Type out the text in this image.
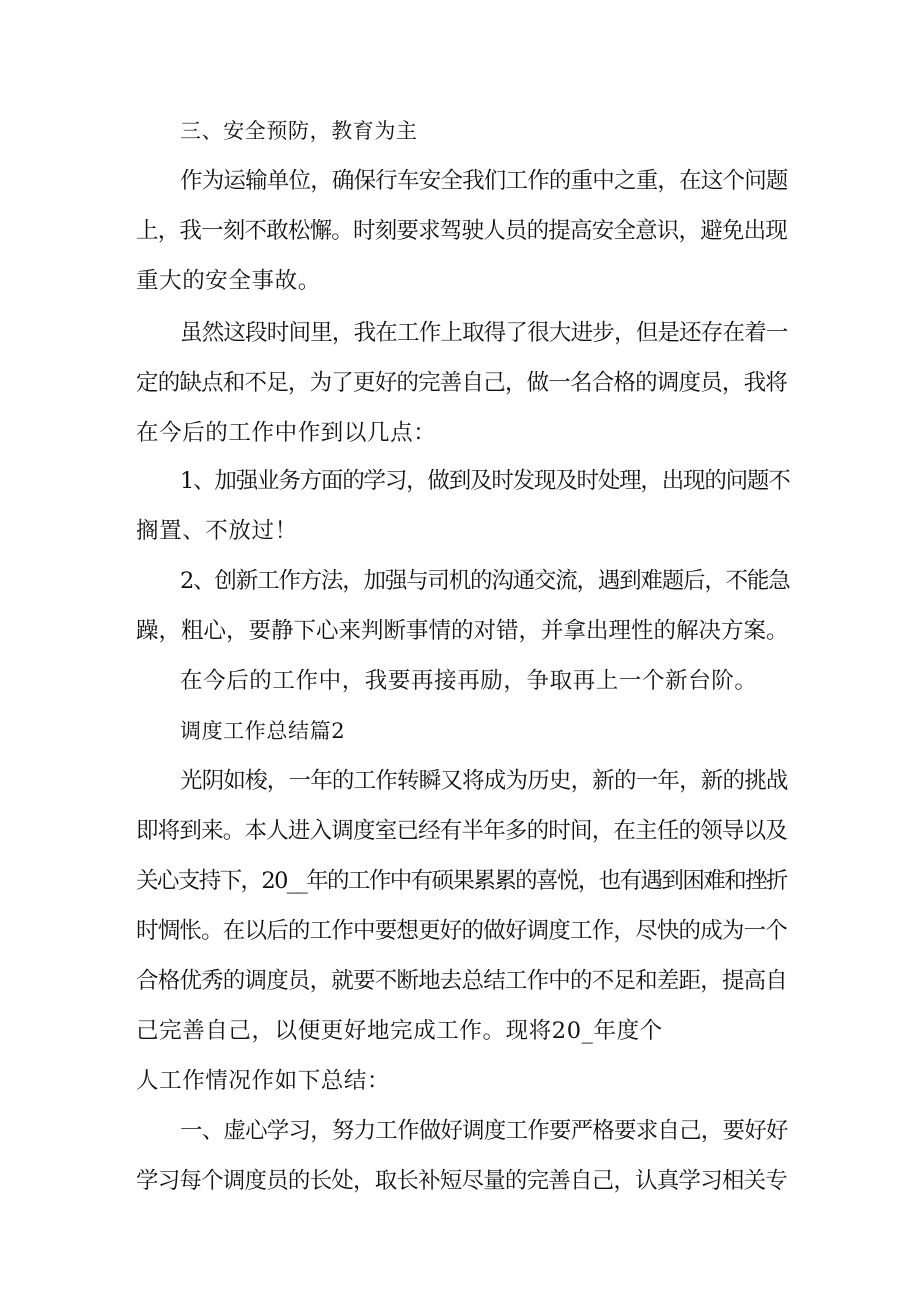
三、安全预防，教育为主
作为运输单位，确保行车安全我们工作的重中之重，在这个问题
上，我一刻不敢松懈。时刻要求驾驶人员的提高安全意识，避免出现
重大的安全事故。
虽然这段时间里，我在工作上取得了很大进步，但是还存在着一
定的缺点和不足，为了更好的完善自己，做一名合格的调度员，我将
在今后的工作中作到以几点：
1、加强业务方面的学习，做到及时发现及时处理，出现的问题不
搁置、不放过！
2、创新工作方法，加强与司机的沟通交流，遇到难题后，不能急
躁，粗心，要静下心来判断事情的对错，并拿出理性的解决方案。
在今后的工作中，我要再接再励，争取再上一个新台阶。
调度工作总结篇2
光阴如梭，一年的工作转瞬又将成为历史，新的一年，新的挑战
即将到来。本人进入调度室已经有半年多的时间，在主任的领导以及
关心支持下，20__年的工作中有硕果累累的喜悦，也有遇到困难和挫折
时惆怅。在以后的工作中要想更好的做好调度工作，尽快的成为一个
合格优秀的调度员，就要不断地去总结工作中的不足和差距，提高自
己完善自己，以便更好地完成工作。现将20_年度个
人工作情况作如下总结：
一、虚心学习，努力工作做好调度工作要严格要求自己，要好好
学习每个调度员的长处，取长补短尽量的完善自己，认真学习相关专
